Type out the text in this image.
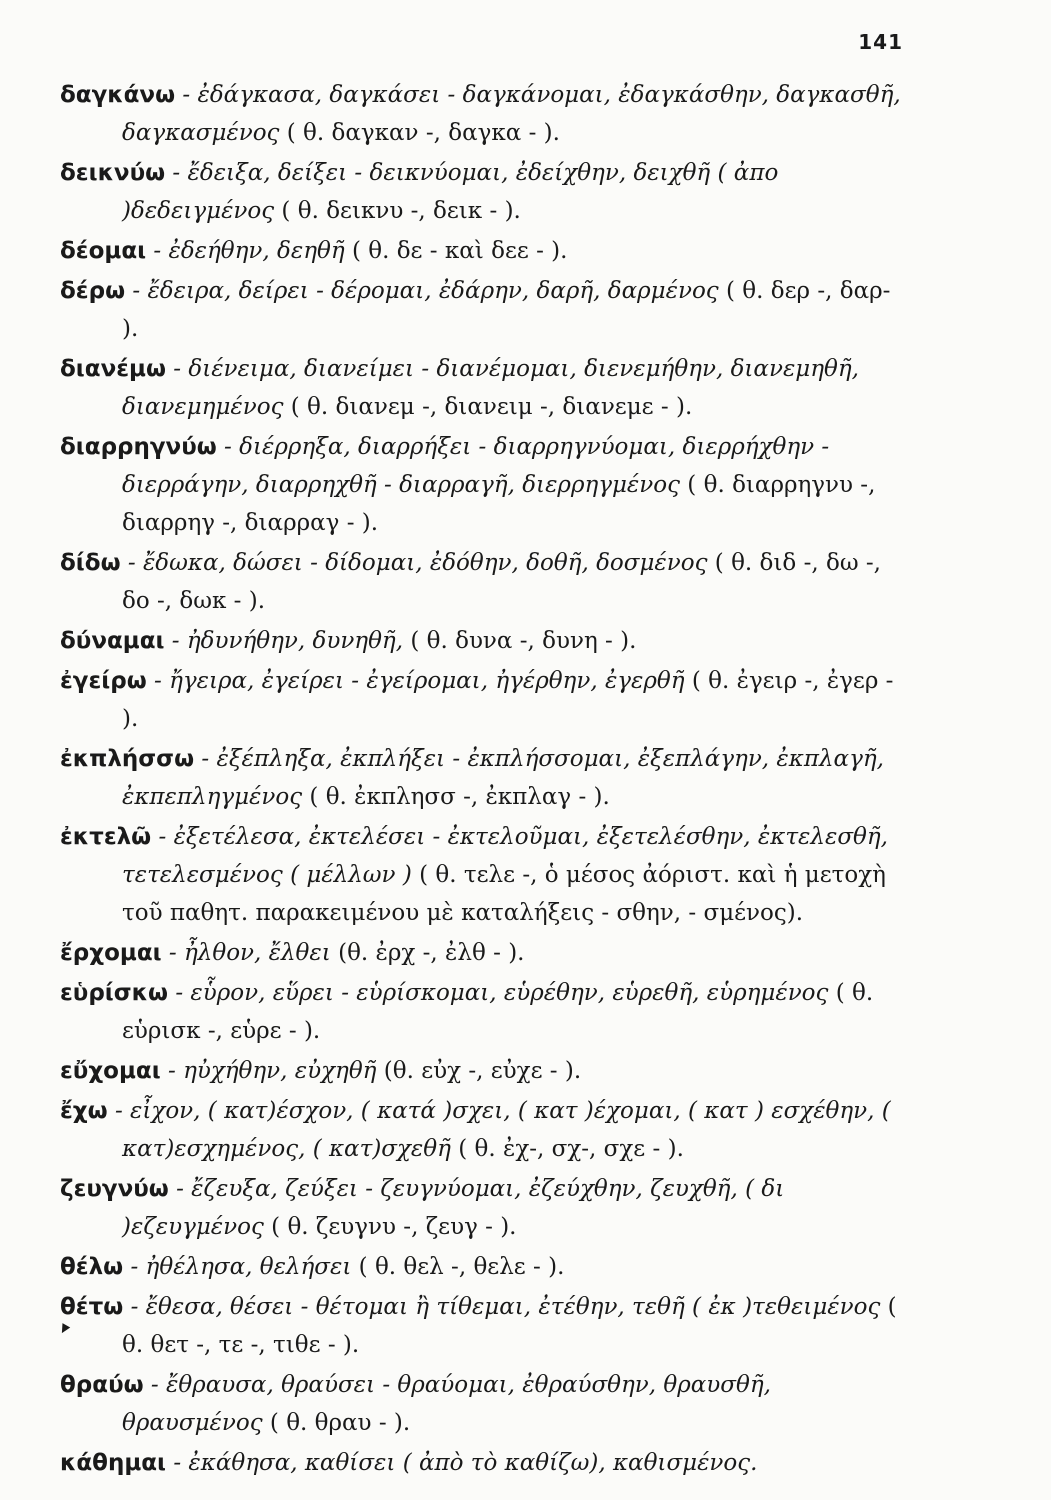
141
δαγκάνω - ἐδάγκασα, δαγκάσει - δαγκάνομαι, ἐδαγκάσθην, δαγκασθῆ, δαγκασμένος ( θ. δαγκαν -, δαγκα - ).
δεικνύω - ἔδειξα, δείξει - δεικνύομαι, ἐδείχθην, δειχθῆ ( ἀπο )δεδειγμένος ( θ. δεικνυ -, δεικ - ).
δέομαι - ἐδεήθην, δεηθῆ ( θ. δε - καὶ δεε - ).
δέρω - ἔδειρα, δείρει - δέρομαι, ἐδάρην, δαρῆ, δαρμένος ( θ. δερ -, δαρ- ).
διανέμω - διένειμα, διανείμει - διανέμομαι, διενεμήθην, διανεμηθῆ, διανεμημένος ( θ. διανεμ -, διανειμ -, διανεμε - ).
διαρρηγνύω - διέρρηξα, διαρρήξει - διαρρηγνύομαι, διερρήχθην - διερράγην, διαρρηχθῆ - διαρραγῆ, διερρηγμένος ( θ. διαρρηγνυ -, διαρρηγ -, διαρραγ - ).
δίδω - ἔδωκα, δώσει - δίδομαι, ἐδόθην, δοθῆ, δοσμένος ( θ. διδ -, δω -, δο -, δωκ - ).
δύναμαι - ἠδυνήθην, δυνηθῆ, ( θ. δυνα -, δυνη - ).
ἐγείρω - ἤγειρα, ἐγείρει - ἐγείρομαι, ἠγέρθην, ἐγερθῆ ( θ. ἐγειρ -, ἐγερ - ).
ἐκπλήσσω - ἐξέπληξα, ἐκπλήξει - ἐκπλήσσομαι, ἐξεπλάγην, ἐκπλαγῆ, ἐκπεπληγμένος ( θ. ἐκπλησσ -, ἐκπλαγ - ).
ἐκτελῶ - ἐξετέλεσα, ἐκτελέσει - ἐκτελοῦμαι, ἐξετελέσθην, ἐκτελεσθῆ, τετελεσμένος ( μέλλων ) ( θ. τελε -, ὁ μέσος ἀόριστ. καὶ ἡ μετοχὴ τοῦ παθητ. παρακειμένου μὲ καταλήξεις - σθην, - σμένος).
ἔρχομαι - ἦλθον, ἔλθει (θ. ἐρχ -, ἐλθ - ).
εὑρίσκω - εὗρον, εὕρει - εὑρίσκομαι, εὑρέθην, εὑρεθῆ, εὑρημένος ( θ. εὑρισκ -, εὑρε - ).
εὔχομαι - ηὐχήθην, εὐχηθῆ (θ. εὐχ -, εὐχε - ).
ἔχω - εἶχον, ( κατ)έσχον, ( κατά )σχει, ( κατ )έχομαι, ( κατ ) εσχέθην, ( κατ)εσχημένος, ( κατ)σχεθῆ ( θ. ἐχ-, σχ-, σχε - ).
ζευγνύω - ἔζευξα, ζεύξει - ζευγνύομαι, ἐζεύχθην, ζευχθῆ, ( δι )εζευγμένος ( θ. ζευγνυ -, ζευγ - ).
θέλω - ἠθέλησα, θελήσει ( θ. θελ -, θελε - ).
θέτω - ἔθεσα, θέσει - θέτομαι ἢ τίθεμαι, ἐτέθην, τεθῆ ( ἐκ )τεθειμένος ( θ. θετ -, τε -, τιθε - ).
θραύω - ἔθραυσα, θραύσει - θραύομαι, ἐθραύσθην, θραυσθῆ, θραυσμένος ( θ. θραυ - ).
κάθημαι - ἐκάθησα, καθίσει ( ἀπὸ τὸ καθίζω), καθισμένος.
▾
